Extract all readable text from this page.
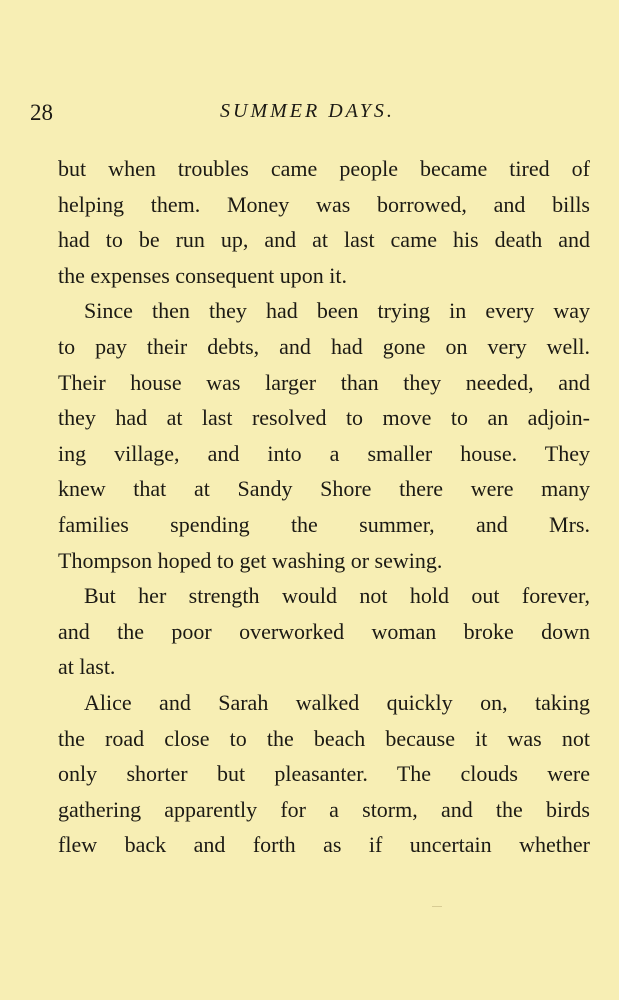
28	SUMMER DAYS.
but when troubles came people became tired of
helping them. Money was borrowed, and bills
had to be run up, and at last came his death and
the expenses consequent upon it.
Since then they had been trying in every way
to pay their debts, and had gone on very well.
Their house was larger than they needed, and
they had at last resolved to move to an adjoin-
ing village, and into a smaller house. They
knew that at Sandy Shore there were many
families spending the summer, and Mrs.
Thompson hoped to get washing or sewing.
But her strength would not hold out forever,
and the poor overworked woman broke down
at last.
Alice and Sarah walked quickly on, taking
the road close to the beach because it was not
only shorter but pleasanter. The clouds were
gathering apparently for a storm, and the birds
flew back and forth as if uncertain whether
